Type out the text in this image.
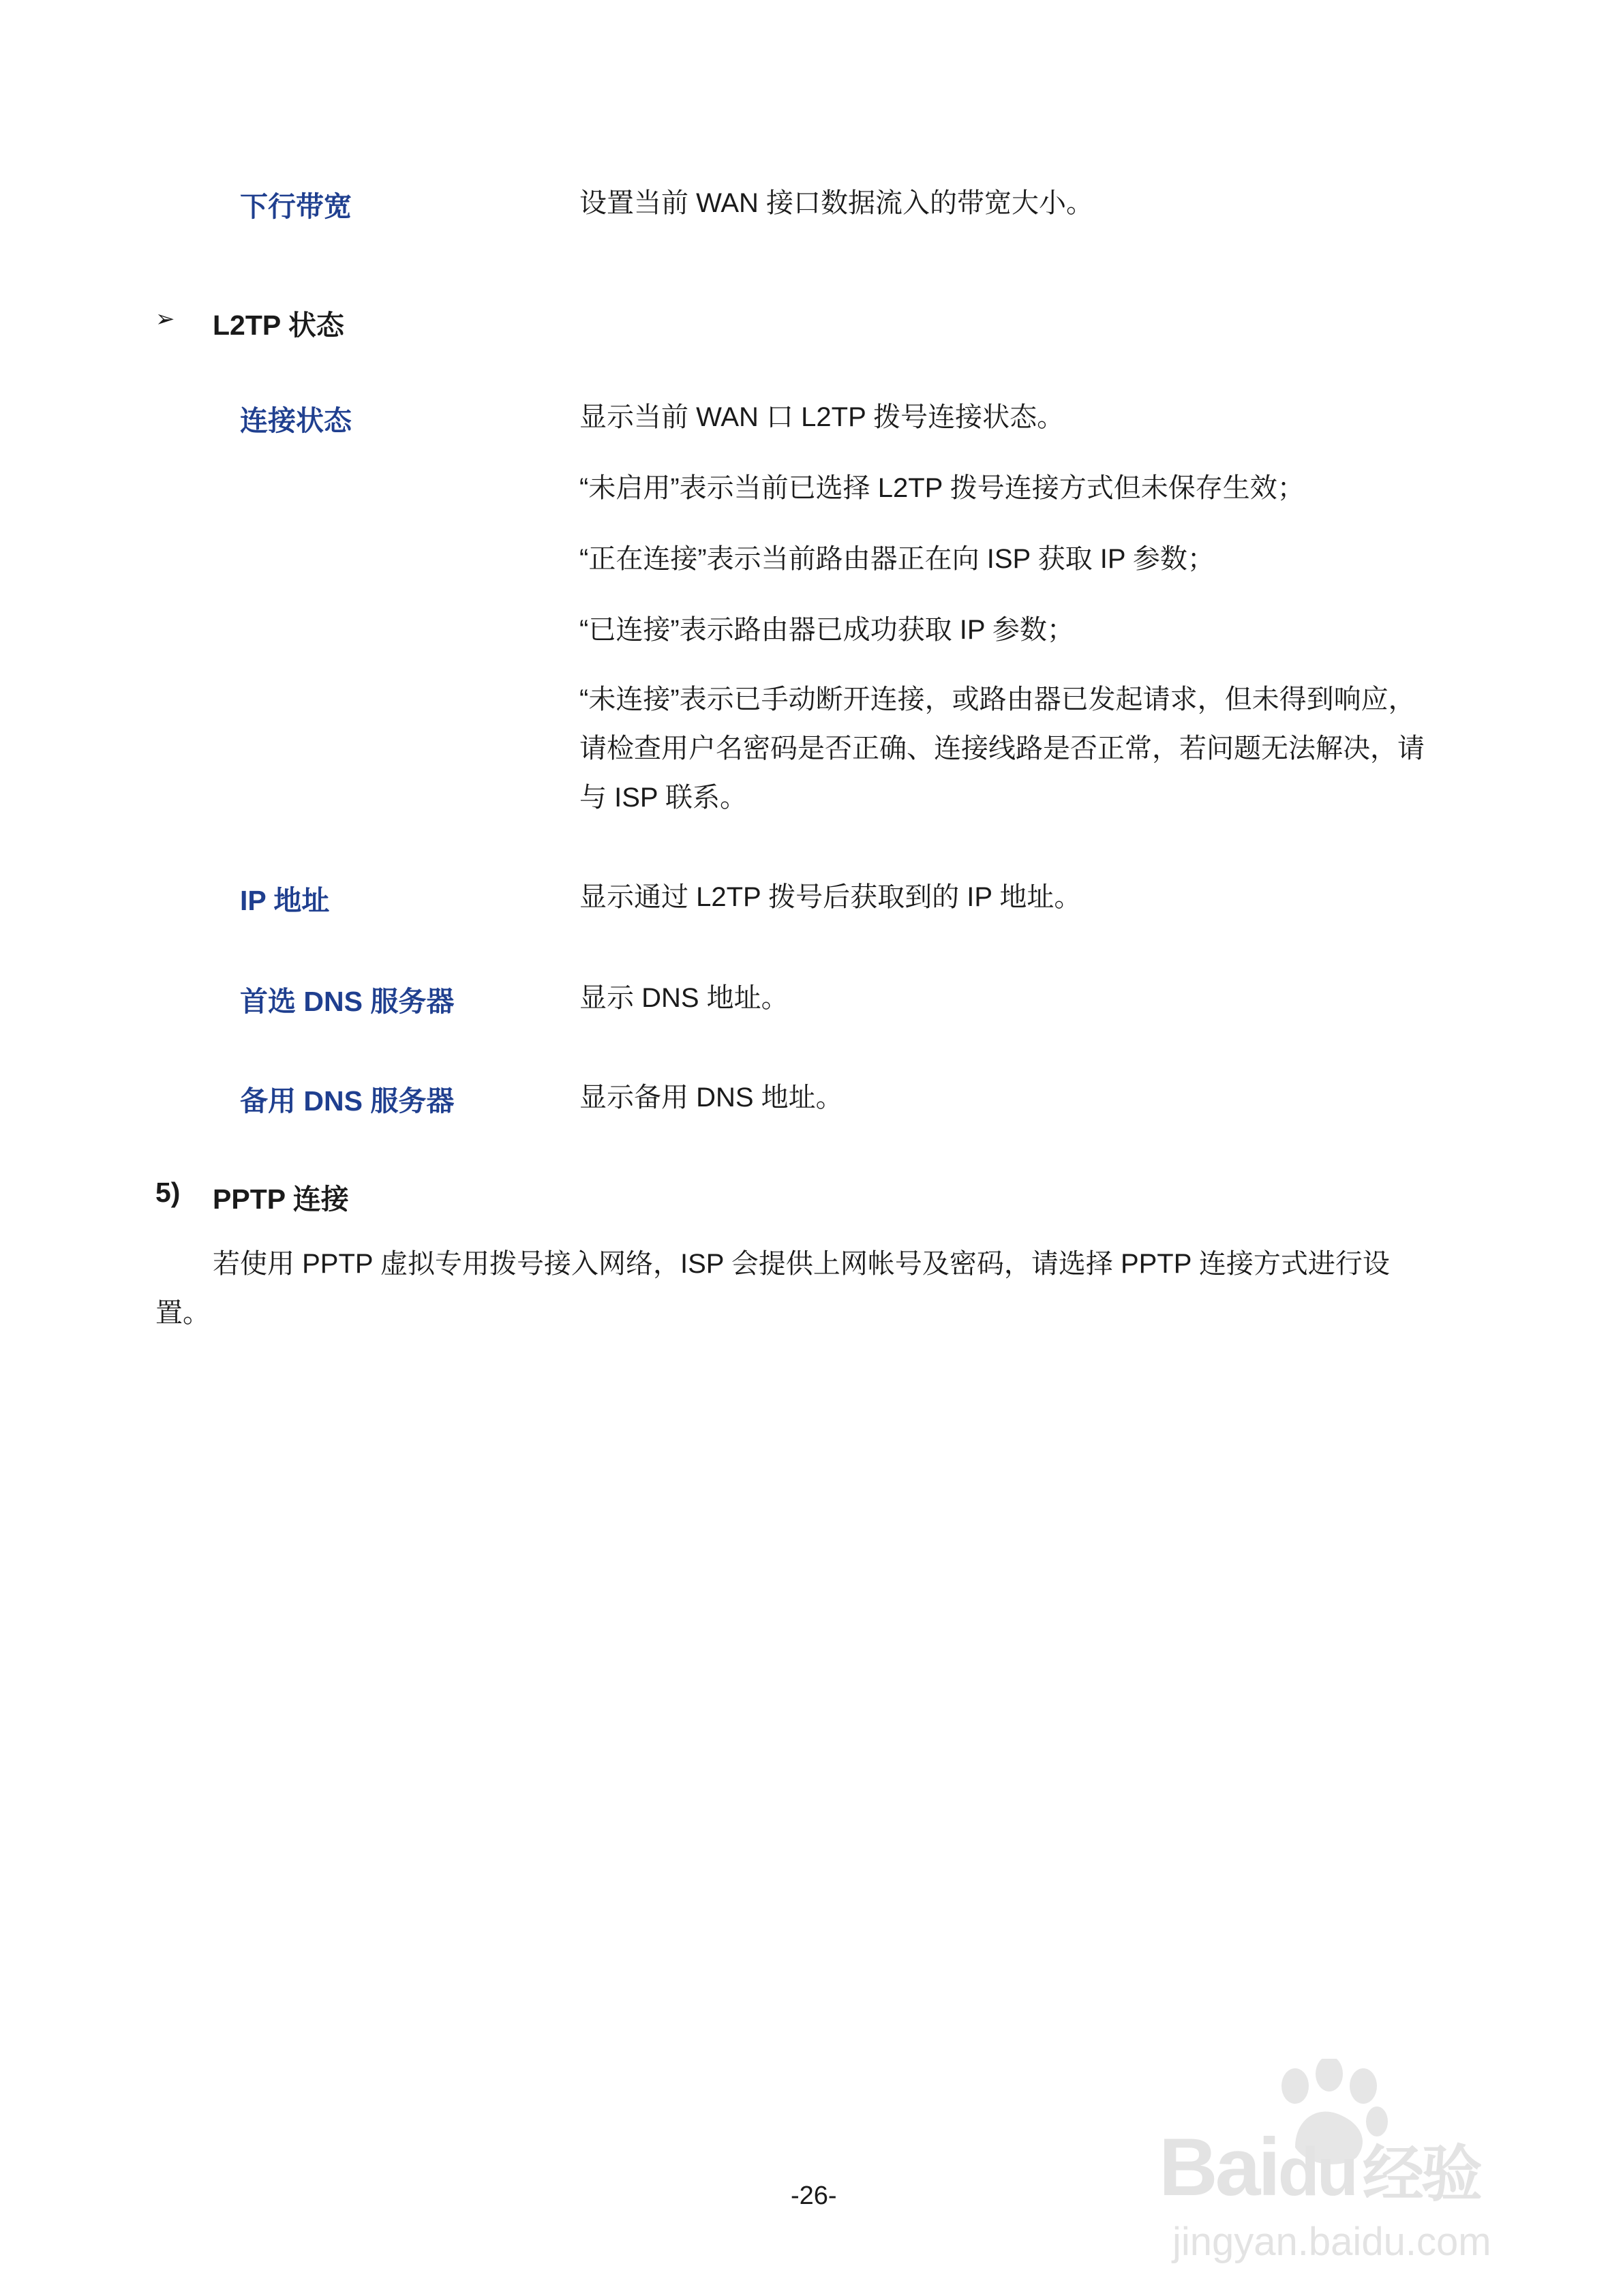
下行带宽	设置当前 WAN 接口数据流入的带宽大小。
➢ L2TP 状态
连接状态	显示当前 WAN 口 L2TP 拨号连接状态。
“未启用”表示当前已选择 L2TP 拨号连接方式但未保存生效；
“正在连接”表示当前路由器正在向 ISP 获取 IP 参数；
“已连接”表示路由器已成功获取 IP 参数；
“未连接”表示已手动断开连接，或路由器已发起请求，但未得到响应，
请检查用户名密码是否正确、连接线路是否正常，若问题无法解决，请
与 ISP 联系。
IP 地址	显示通过 L2TP 拨号后获取到的 IP 地址。
首选 DNS 服务器	显示 DNS 地址。
备用 DNS 服务器	显示备用 DNS 地址。
5) PPTP 连接
若使用 PPTP 虚拟专用拨号接入网络，ISP 会提供上网帐号及密码，请选择 PPTP 连接方式进行设
置。
-26-	Baidu 经验
jingyan.baidu.com
